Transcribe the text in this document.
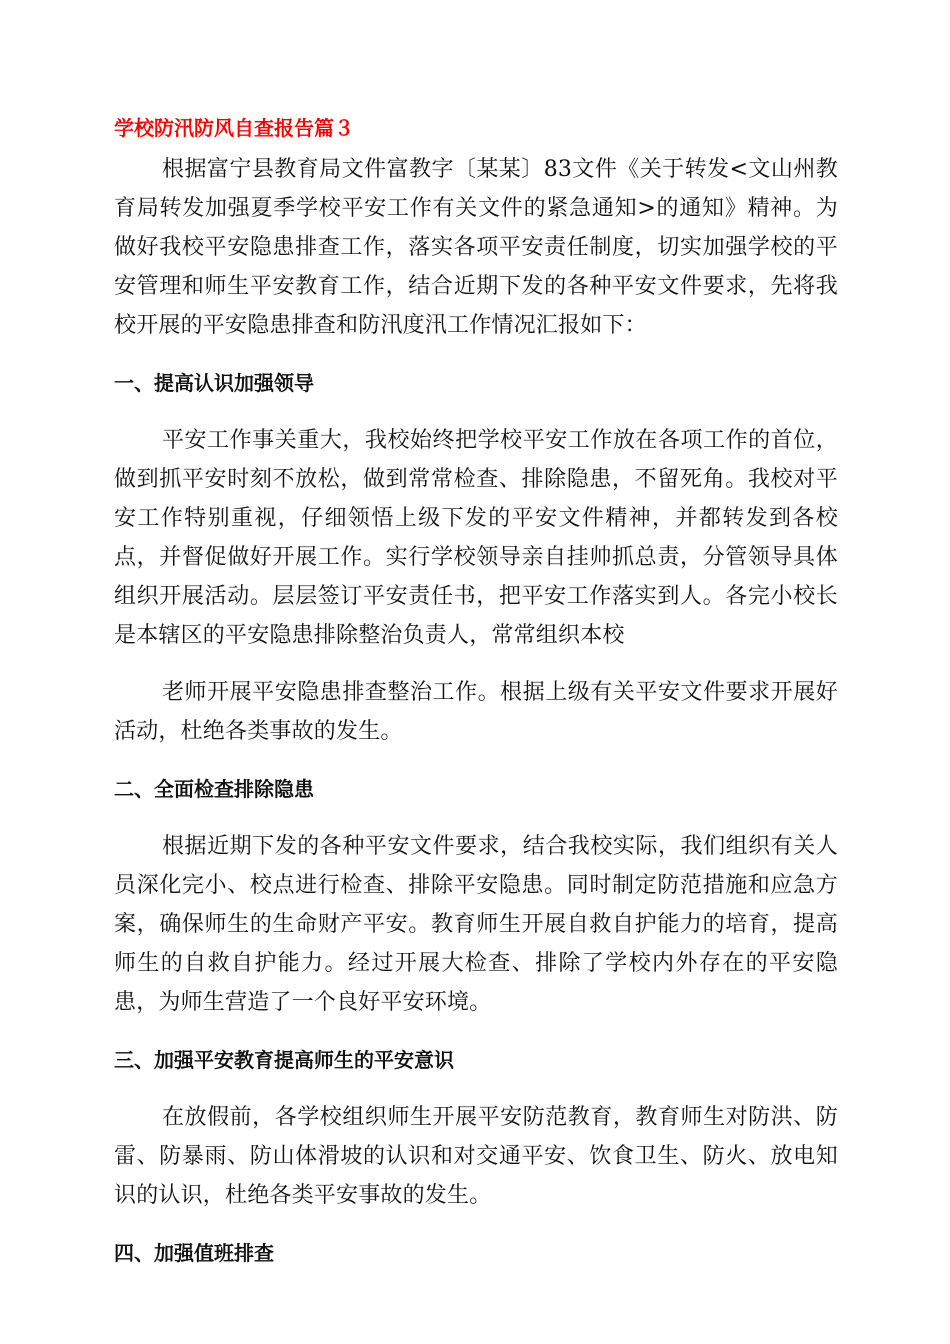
学校防汛防风自查报告篇３

根据富宁县教育局文件富教字〔某某〕83文件《关于转发<文山州教育局转发加强夏季学校平安工作有关文件的紧急通知>的通知》精神。为做好我校平安隐患排查工作，落实各项平安责任制度，切实加强学校的平安管理和师生平安教育工作，结合近期下发的各种平安文件要求，先将我校开展的平安隐患排查和防汛度汛工作情况汇报如下：

一、提高认识加强领导

平安工作事关重大，我校始终把学校平安工作放在各项工作的首位，做到抓平安时刻不放松，做到常常检查、排除隐患，不留死角。我校对平安工作特别重视，仔细领悟上级下发的平安文件精神，并都转发到各校点，并督促做好开展工作。实行学校领导亲自挂帅抓总责，分管领导具体组织开展活动。层层签订平安责任书，把平安工作落实到人。各完小校长是本辖区的平安隐患排除整治负责人，常常组织本校

老师开展平安隐患排查整治工作。根据上级有关平安文件要求开展好活动，杜绝各类事故的发生。

二、全面检查排除隐患

根据近期下发的各种平安文件要求，结合我校实际，我们组织有关人员深化完小、校点进行检查、排除平安隐患。同时制定防范措施和应急方案，确保师生的生命财产平安。教育师生开展自救自护能力的培育，提高师生的自救自护能力。经过开展大检查、排除了学校内外存在的平安隐患，为师生营造了一个良好平安环境。

三、加强平安教育提高师生的平安意识

在放假前，各学校组织师生开展平安防范教育，教育师生对防洪、防雷、防暴雨、防山体滑坡的认识和对交通平安、饮食卫生、防火、放电知识的认识，杜绝各类平安事故的发生。

四、加强值班排查
